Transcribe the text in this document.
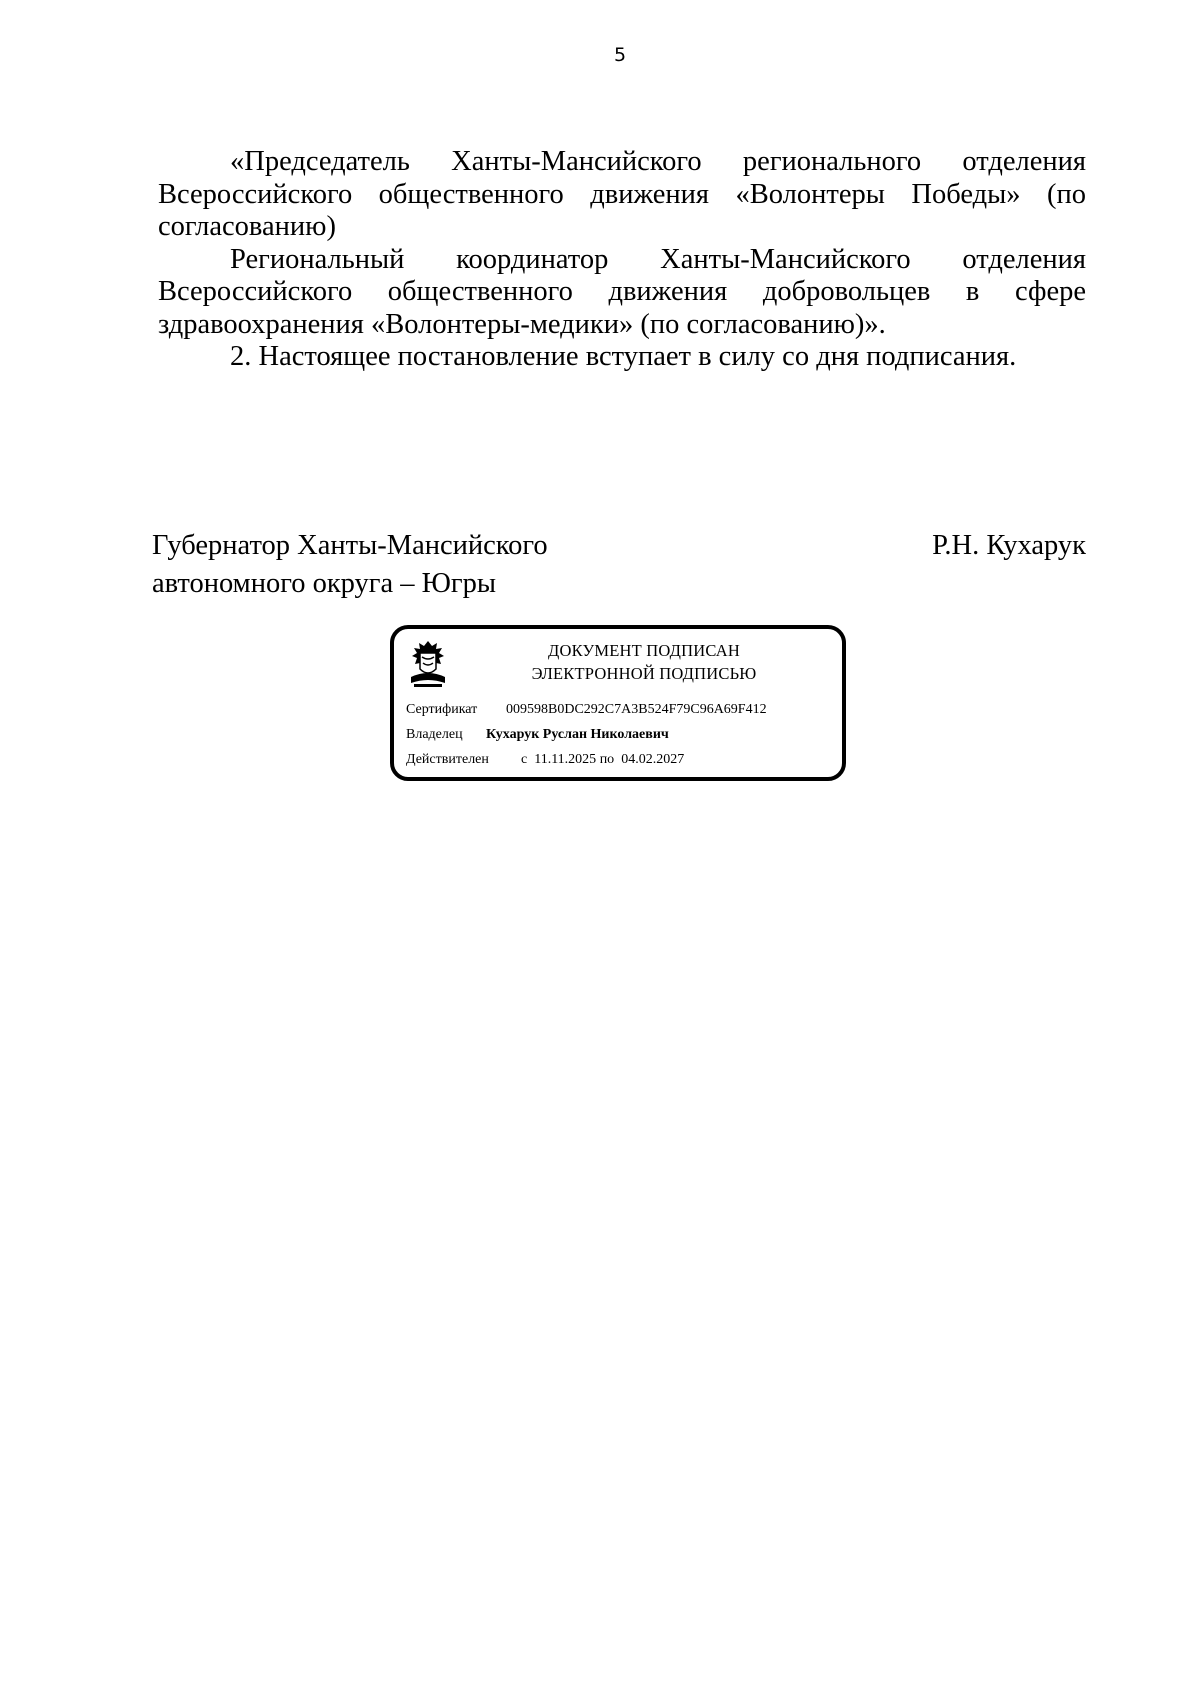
5

«Председатель Ханты-Мансийского регионального отделения Всероссийского общественного движения «Волонтеры Победы» (по согласованию)

Региональный координатор Ханты-Мансийского отделения Всероссийского общественного движения добровольцев в сфере здравоохранения «Волонтеры-медики» (по согласованию)».

2. Настоящее постановление вступает в силу со дня подписания.

Губернатор Ханты-Мансийского
автономного округа – Югры
Р.Н. Кухарук
ДОКУМЕНТ ПОДПИСАН
ЭЛЕКТРОННОЙ ПОДПИСЬЮ
Сертификат 009598B0DC292C7A3B524F79C96A69F412
Владелец Кухарук Руслан Николаевич
Действителен с 11.11.2025 по 04.02.2027
